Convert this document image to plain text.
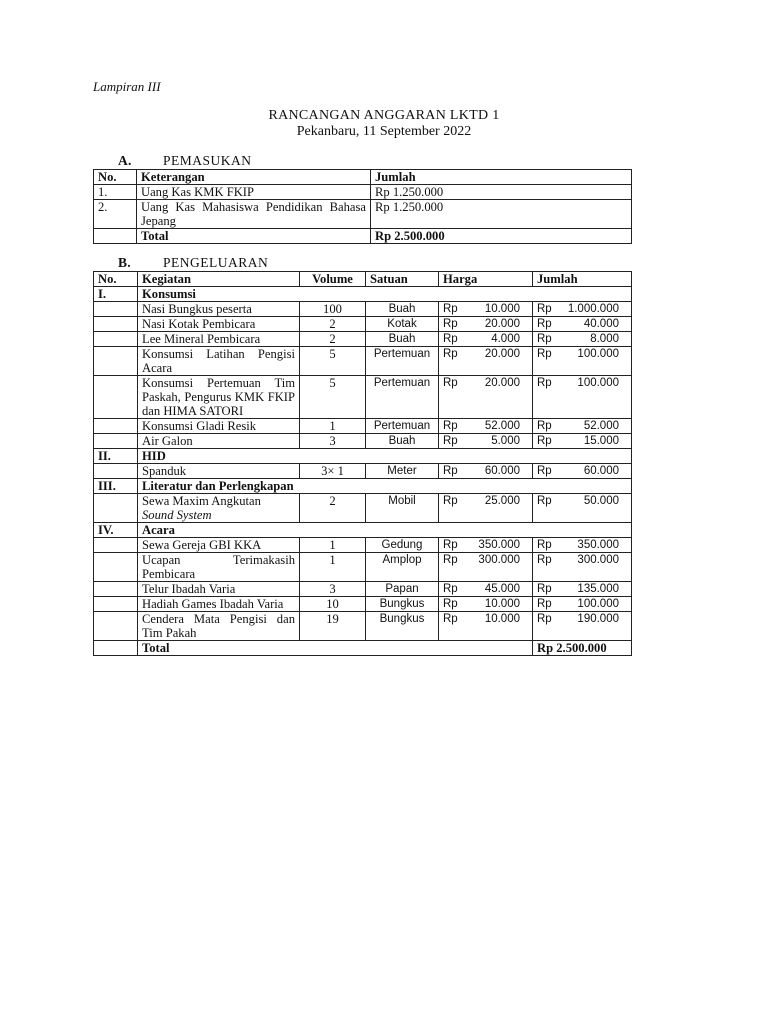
Lampiran III
RANCANGAN ANGGARAN LKTD 1
Pekanbaru, 11 September 2022
A. PEMASUKAN
No.	Keterangan	Jumlah
1.	Uang Kas KMK FKIP	Rp 1.250.000
2.	Uang Kas Mahasiswa Pendidikan Bahasa Jepang	Rp 1.250.000
	Total	Rp 2.500.000
B. PENGELUARAN
No.	Kegiatan	Volume	Satuan	Harga	Jumlah
I.	Konsumsi				
	Nasi Bungkus peserta	100	Buah	Rp 10.000	Rp 1.000.000

	Nasi Kotak Pembicara	2	Kotak	Rp 20.000	Rp 40.000

	Lee Mineral Pembicara	2	Buah	Rp 4.000	Rp 8.000

	Konsumsi Latihan Pengisi Acara	5	Pertemuan	Rp 20.000	Rp 100.000

	Konsumsi Pertemuan Tim Paskah, Pengurus KMK FKIP dan HIMA SATORI	5	Pertemuan	Rp 20.000	Rp 100.000

	Konsumsi Gladi Resik	1	Pertemuan	Rp 52.000	Rp 52.000

	Air Galon	3	Buah	Rp 5.000	Rp 15.000

II.	HID				
	Spanduk	3× 1	Meter	Rp 60.000	Rp 60.000

III.	Literatur dan Perlengkapan				
	Sewa Maxim Angkutan
Sound System	2	Mobil	Rp 25.000	Rp 50.000

IV.	Acara				
	Sewa Gereja GBI KKA	1	Gedung	Rp 350.000	Rp 350.000

	Ucapan Terimakasih Pembicara	1	Amplop	Rp 300.000	Rp 300.000

	Telur Ibadah Varia	3	Papan	Rp 45.000	Rp 135.000

	Hadiah Games Ibadah Varia	10	Bungkus	Rp 10.000	Rp 100.000

	Cendera Mata Pengisi dan Tim Pakah	19	Bungkus	Rp 10.000	Rp 190.000

	Total				Rp 2.500.000
